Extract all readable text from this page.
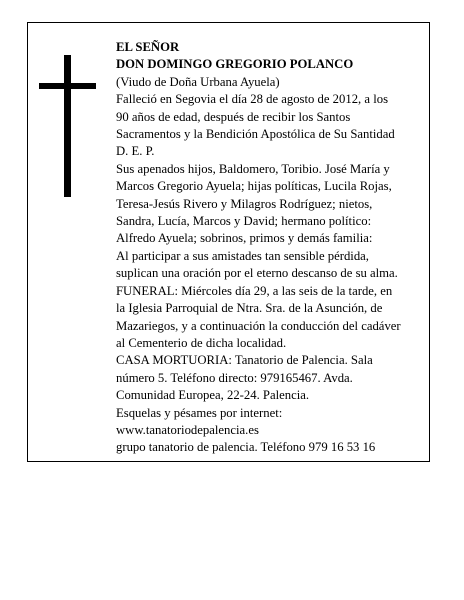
EL SEÑOR
DON DOMINGO GREGORIO POLANCO
(Viudo de Doña Urbana Ayuela)
Falleció en Segovia el día 28 de agosto de 2012, a los
90 años de edad, después de recibir los Santos
Sacramentos y la Bendición Apostólica de Su Santidad
D. E. P.
Sus apenados hijos, Baldomero, Toribio. José María y
Marcos Gregorio Ayuela; hijas políticas, Lucila Rojas,
Teresa-Jesús Rivero y Milagros Rodríguez; nietos,
Sandra, Lucía, Marcos y David; hermano político:
Alfredo Ayuela; sobrinos, primos y demás familia:
Al participar a sus amistades tan sensible pérdida,
suplican una oración por el eterno descanso de su alma.
FUNERAL: Miércoles día 29, a las seis de la tarde, en
la Iglesia Parroquial de Ntra. Sra. de la Asunción, de
Mazariegos, y a continuación la conducción del cadáver
al Cementerio de dicha localidad.
CASA MORTUORIA: Tanatorio de Palencia. Sala
número 5. Teléfono directo: 979165467. Avda.
Comunidad Europea, 22-24. Palencia.
Esquelas y pésames por internet:
www.tanatoriodepalencia.es
grupo tanatorio de palencia. Teléfono 979 16 53 16
